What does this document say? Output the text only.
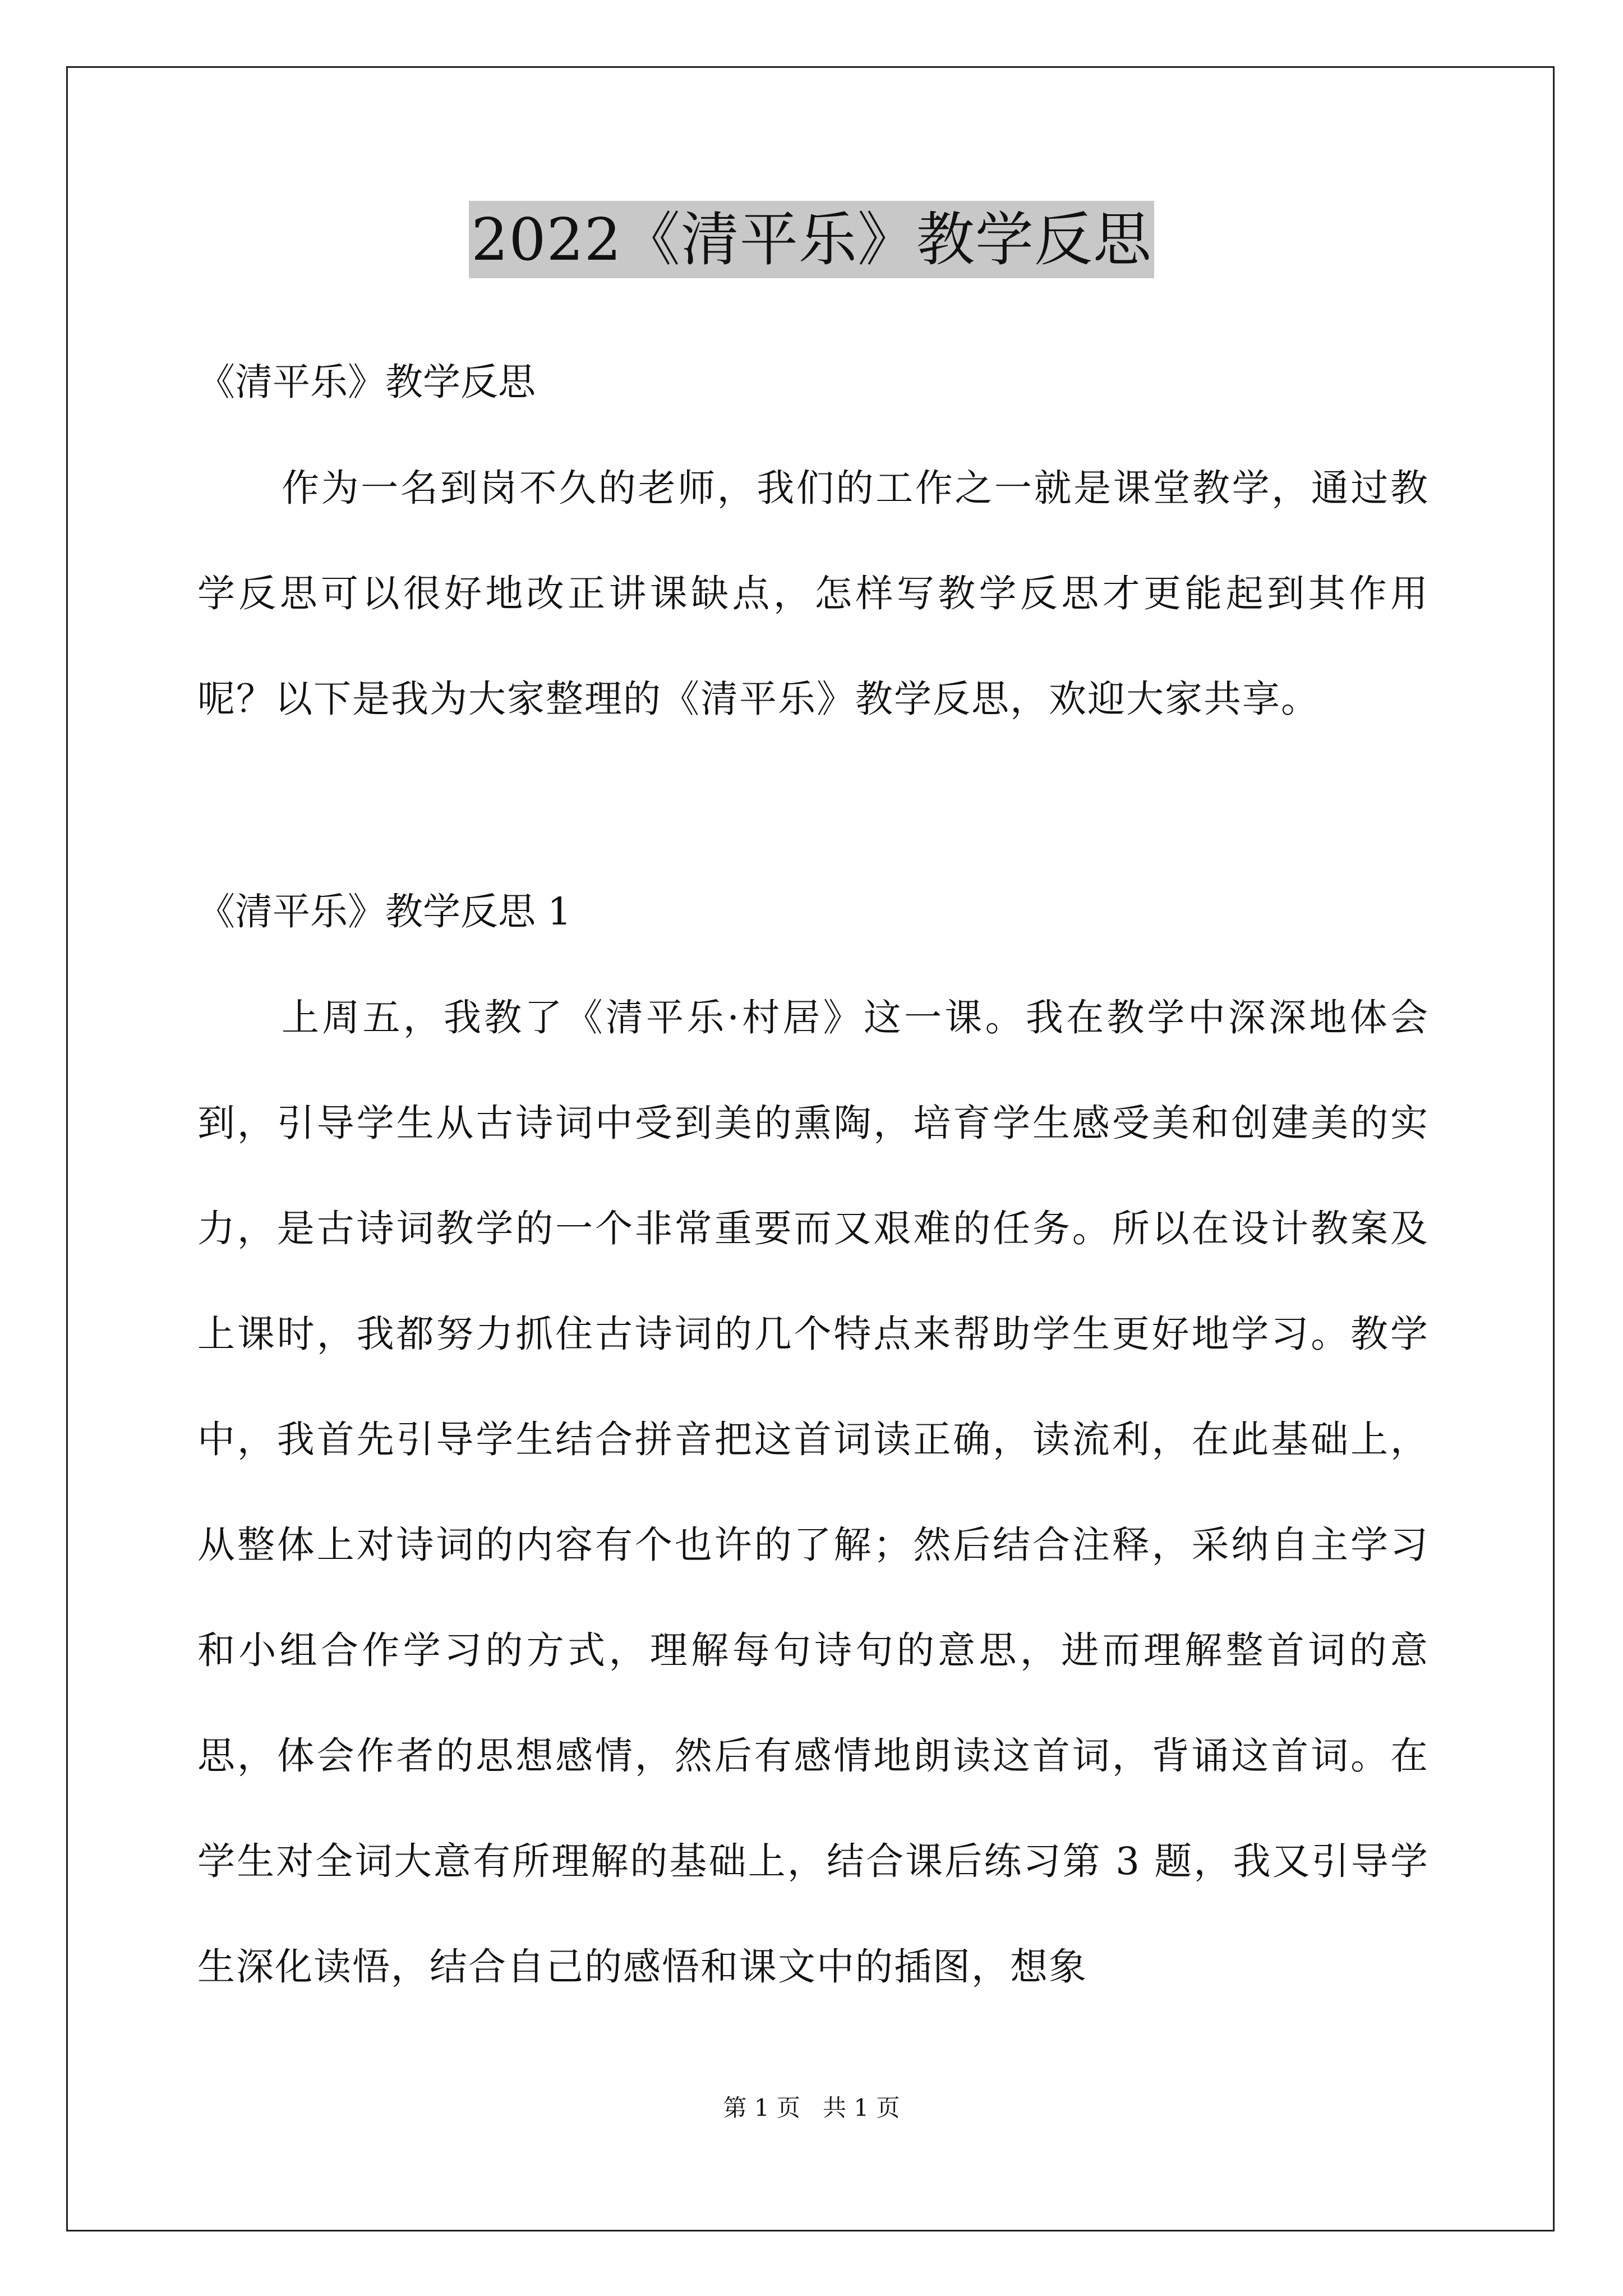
2022《清平乐》教学反思
《清平乐》教学反思
作为一名到岗不久的老师，我们的工作之一就是课堂教学，通过教学反思可以很好地改正讲课缺点，怎样写教学反思才更能起到其作用呢？以下是我为大家整理的《清平乐》教学反思，欢迎大家共享。
《清平乐》教学反思 1
上周五，我教了《清平乐·村居》这一课。我在教学中深深地体会到，引导学生从古诗词中受到美的熏陶，培育学生感受美和创建美的实力，是古诗词教学的一个非常重要而又艰难的任务。所以在设计教案及上课时，我都努力抓住古诗词的几个特点来帮助学生更好地学习。教学中，我首先引导学生结合拼音把这首词读正确，读流利，在此基础上，从整体上对诗词的内容有个也许的了解；然后结合注释，采纳自主学习和小组合作学习的方式，理解每句诗句的意思，进而理解整首词的意思，体会作者的思想感情，然后有感情地朗读这首词，背诵这首词。在学生对全词大意有所理解的基础上，结合课后练习第 3 题，我又引导学生深化读悟，结合自己的感悟和课文中的插图，想象
第 1 页   共 1 页
